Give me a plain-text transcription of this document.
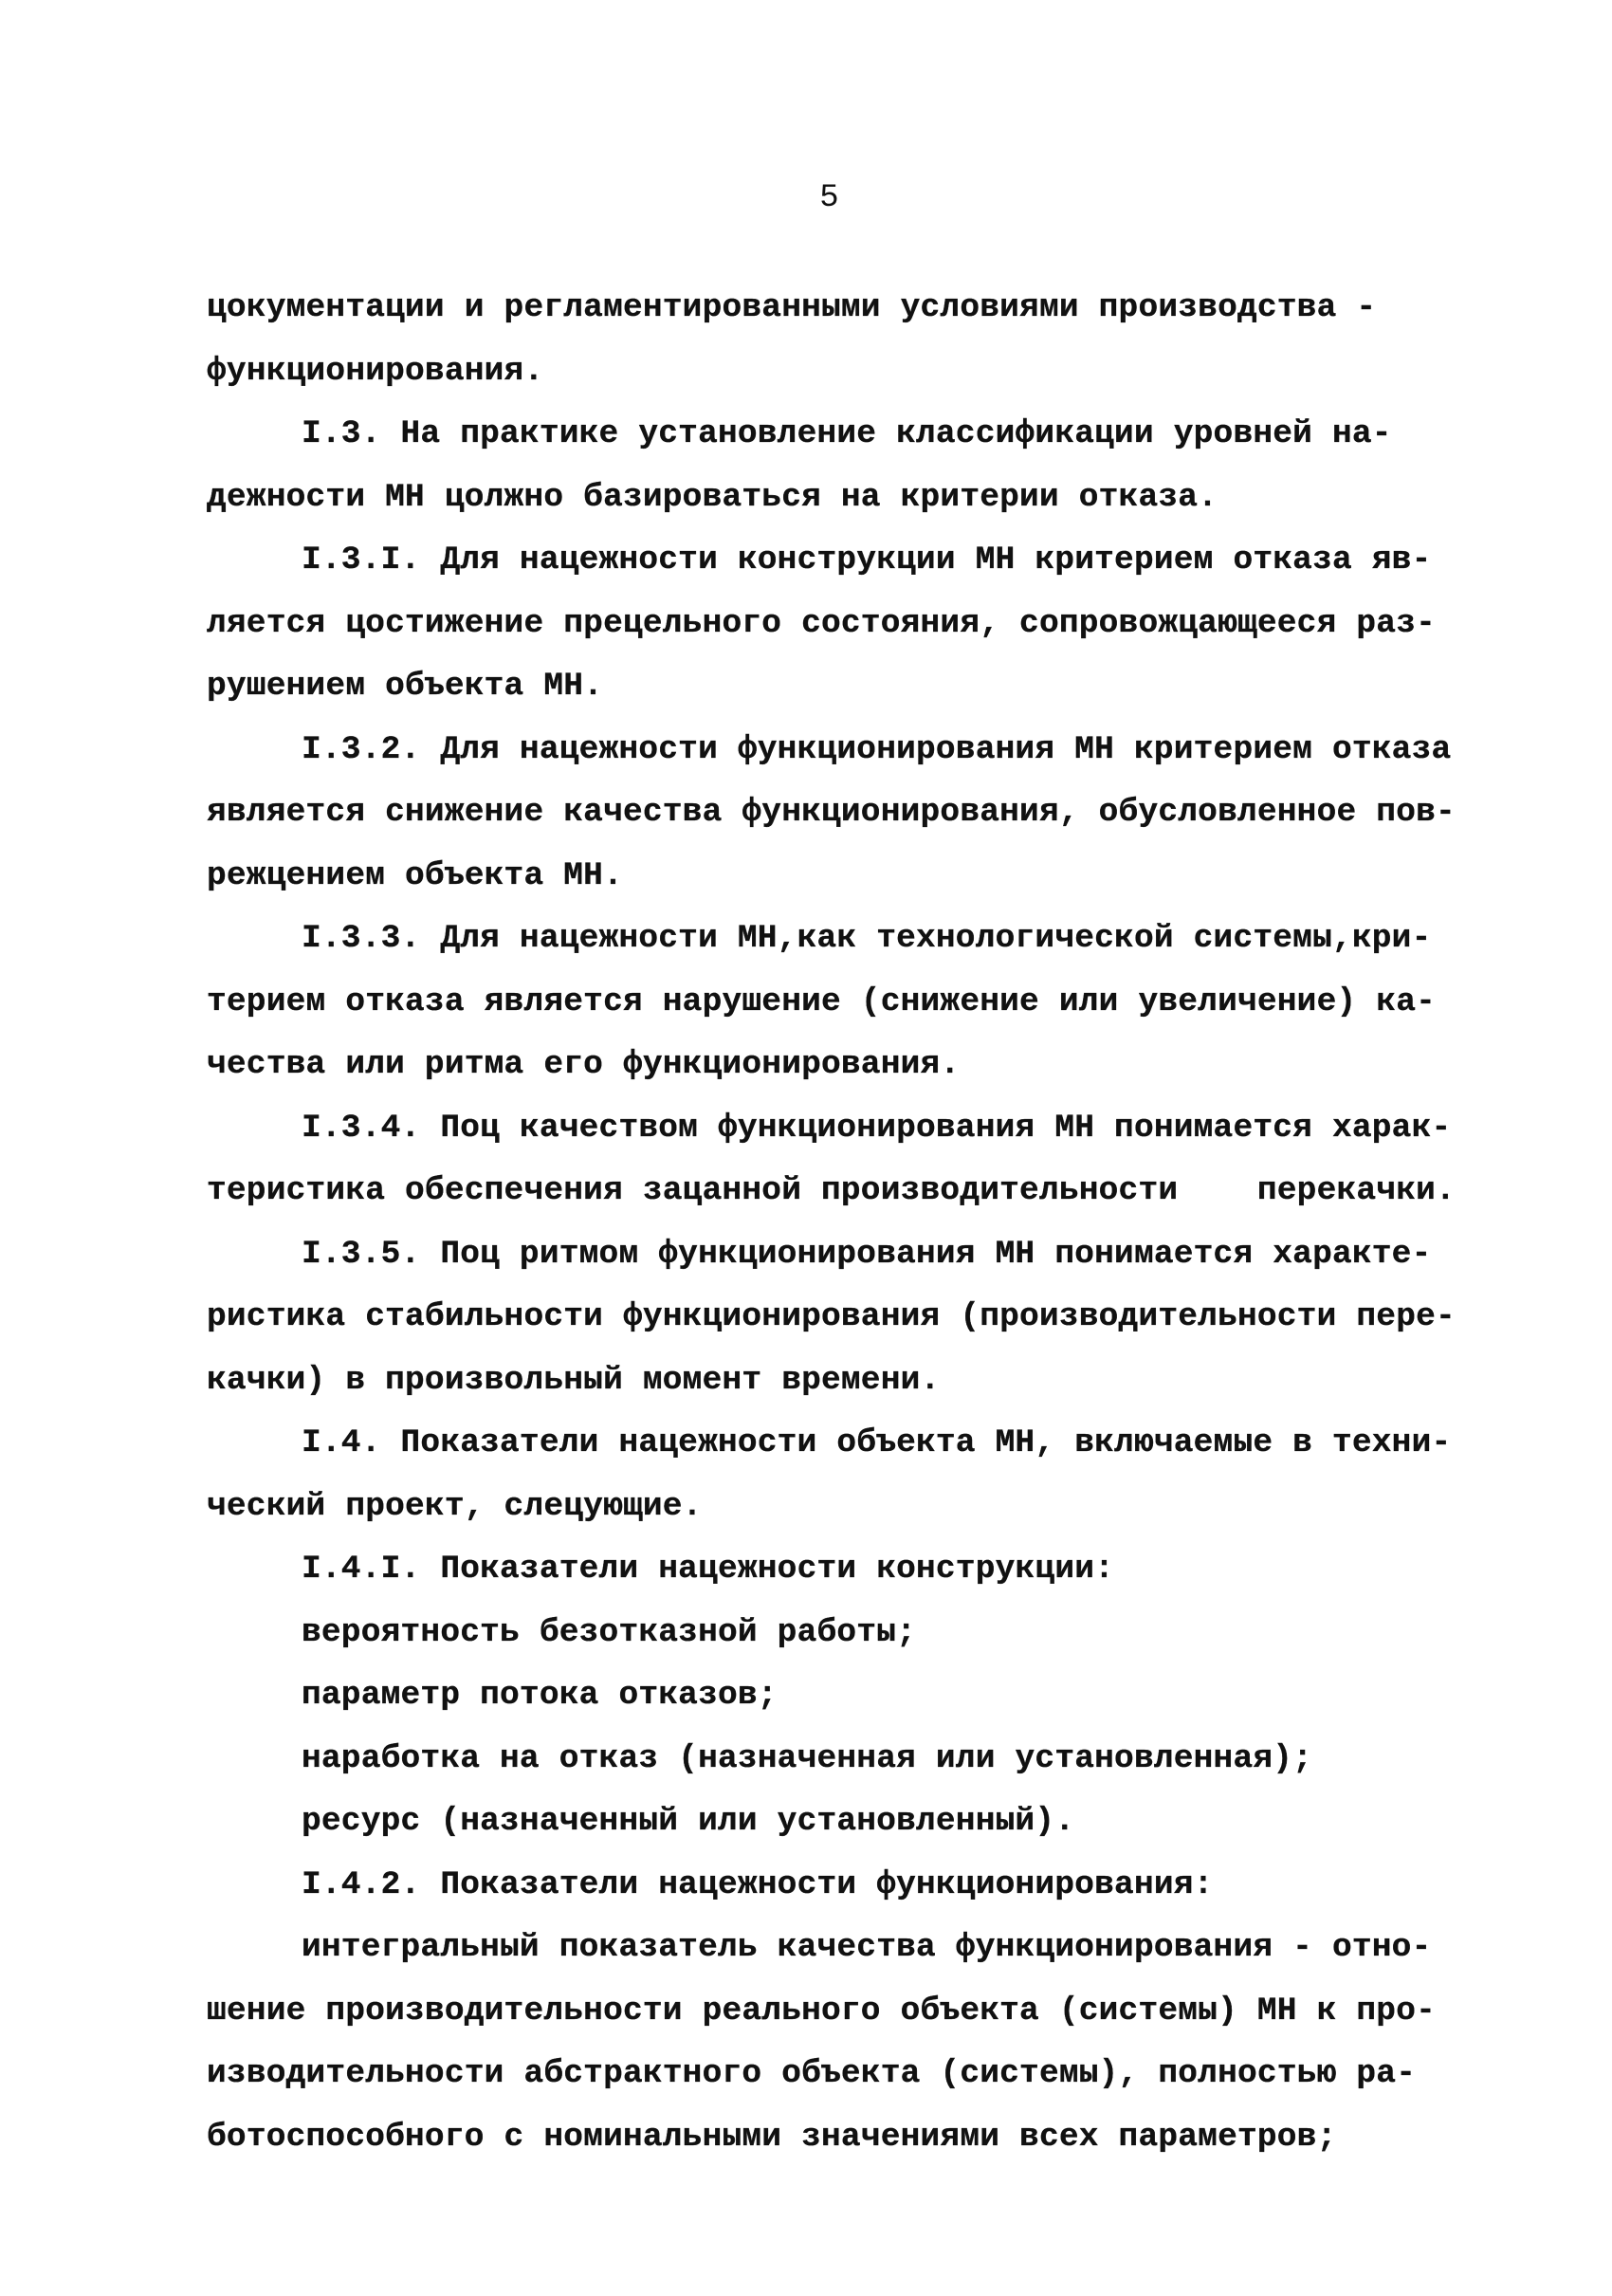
5
цокументации и регламентированными условиями производства -
функционирования.
I.3. На практике установление классификации уровней на-
дежности МН цолжно базироваться на критерии отказа.
I.3.I. Для нацежности конструкции МН критерием отказа яв-
ляется цостижение прецельного состояния, сопровожцающееся раз-
рушением объекта МН.
I.3.2. Для нацежности функционирования МН критерием отказа
является снижение качества функционирования, обусловленное пов-
режцением объекта МН.
I.3.3. Для нацежности МН,как технологической системы,кри-
терием отказа является нарушение (снижение или увеличение) ка-
чества или ритма его функционирования.
I.3.4. Поц качеством функционирования МН понимается харак-
теристика обеспечения зацанной производительности    перекачки.
I.3.5. Поц ритмом функционирования МН понимается характе-
ристика стабильности функционирования (производительности пере-
качки) в произвольный момент времени.
I.4. Показатели нацежности объекта МН, включаемые в техни-
ческий проект, слецующие.
I.4.I. Показатели нацежности конструкции:
вероятность безотказной работы;
параметр потока отказов;
наработка на отказ (назначенная или установленная);
ресурс (назначенный или установленный).
I.4.2. Показатели нацежности функционирования:
интегральный показатель качества функционирования - отно-
шение производительности реального объекта (системы) МН к про-
изводительности абстрактного объекта (системы), полностью ра-
ботоспособного с номинальными значениями всех параметров;
